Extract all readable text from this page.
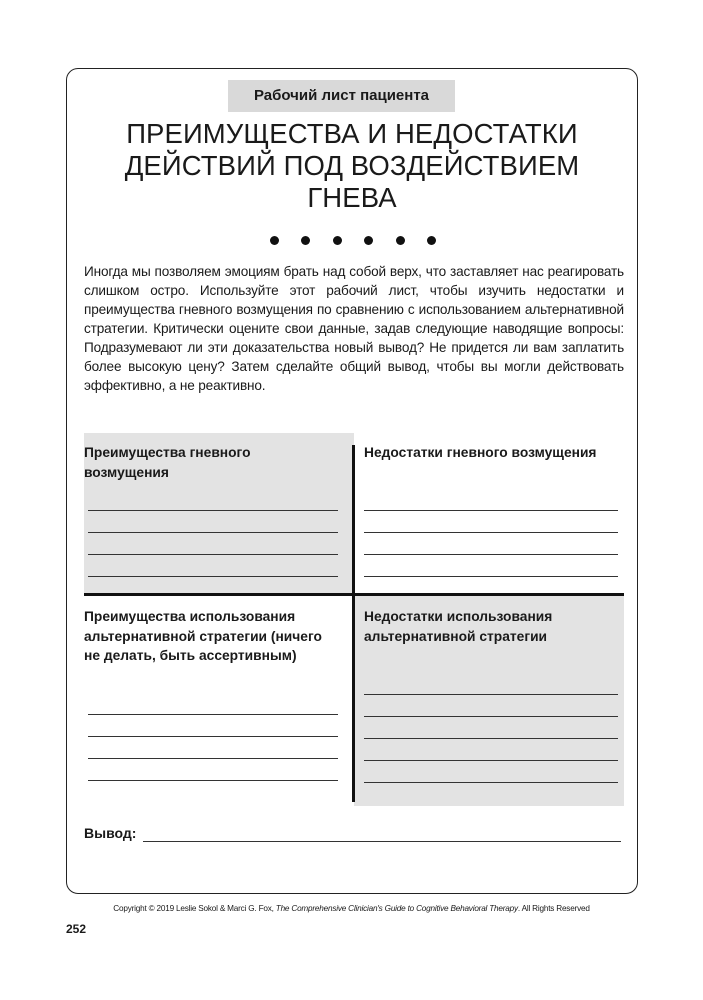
Рабочий лист пациента
ПРЕИМУЩЕСТВА И НЕДОСТАТКИ ДЕЙСТВИЙ ПОД ВОЗДЕЙСТВИЕМ ГНЕВА
Иногда мы позволяем эмоциям брать над собой верх, что заставляет нас реагировать слишком остро. Используйте этот рабочий лист, чтобы изучить недостатки и преимущества гневного возмущения по сравнению с использованием альтернативной стратегии. Критически оцените свои данные, задав следующие наводящие вопросы: Подразумевают ли эти доказательства новый вывод? Не придется ли вам заплатить более высокую цену? Затем сделайте общий вывод, чтобы вы могли действовать эффективно, а не реактивно.
Преимущества гневного возмущения
Недостатки гневного возмущения
Преимущества использования альтернативной стратегии (ничего не делать, быть ассертивным)
Недостатки использования альтернативной стратегии
Вывод:
Copyright © 2019 Leslie Sokol & Marci G. Fox, The Comprehensive Clinician's Guide to Cognitive Behavioral Therapy. All Rights Reserved
252
